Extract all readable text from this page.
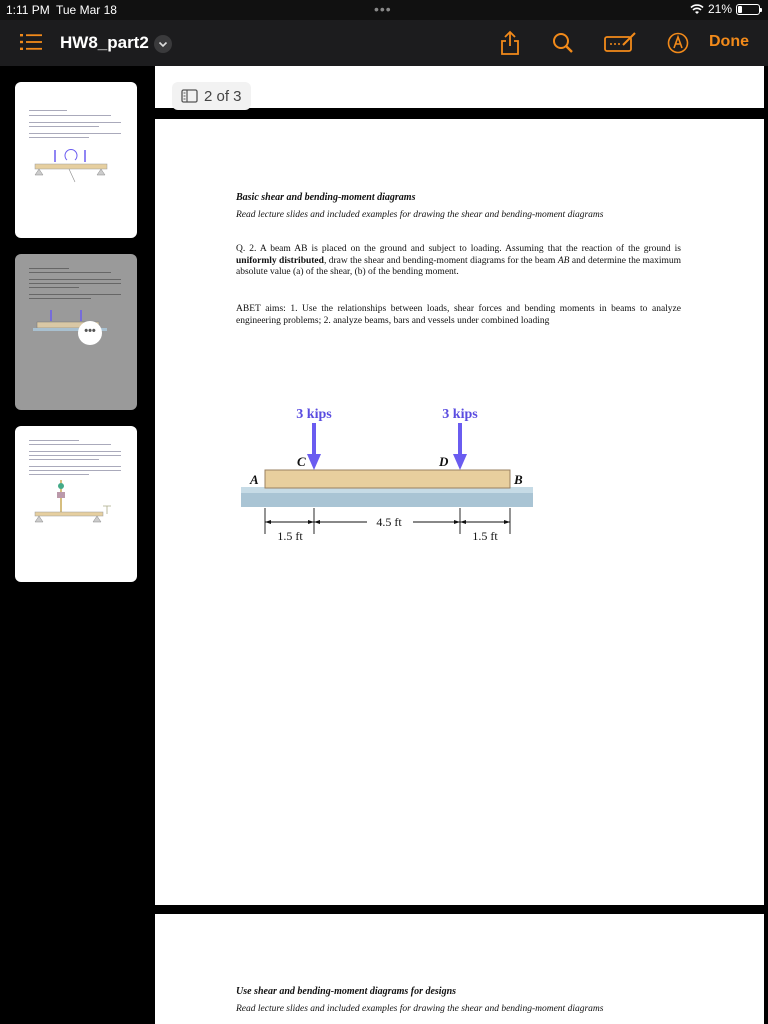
1:11 PM Tue Mar 18	•••	21%
HW8_part2	Done
•••
2 of 3
Basic shear and bending-moment diagrams
Read lecture slides and included examples for drawing the shear and bending-moment diagrams
Q. 2. A beam AB is placed on the ground and subject to loading. Assuming that the reaction of the ground is uniformly distributed, draw the shear and bending-moment diagrams for the beam AB and determine the maximum absolute value (a) of the shear, (b) of the bending moment.
ABET aims: 1. Use the relationships between loads, shear forces and bending moments in beams to analyze engineering problems; 2. analyze beams, bars and vessels under combined loading
3 kips	3 kips
C	D
A	B
1.5 ft
4.5 ft
1.5 ft
Use shear and bending-moment diagrams for designs
Read lecture slides and included examples for drawing the shear and bending-moment diagrams
